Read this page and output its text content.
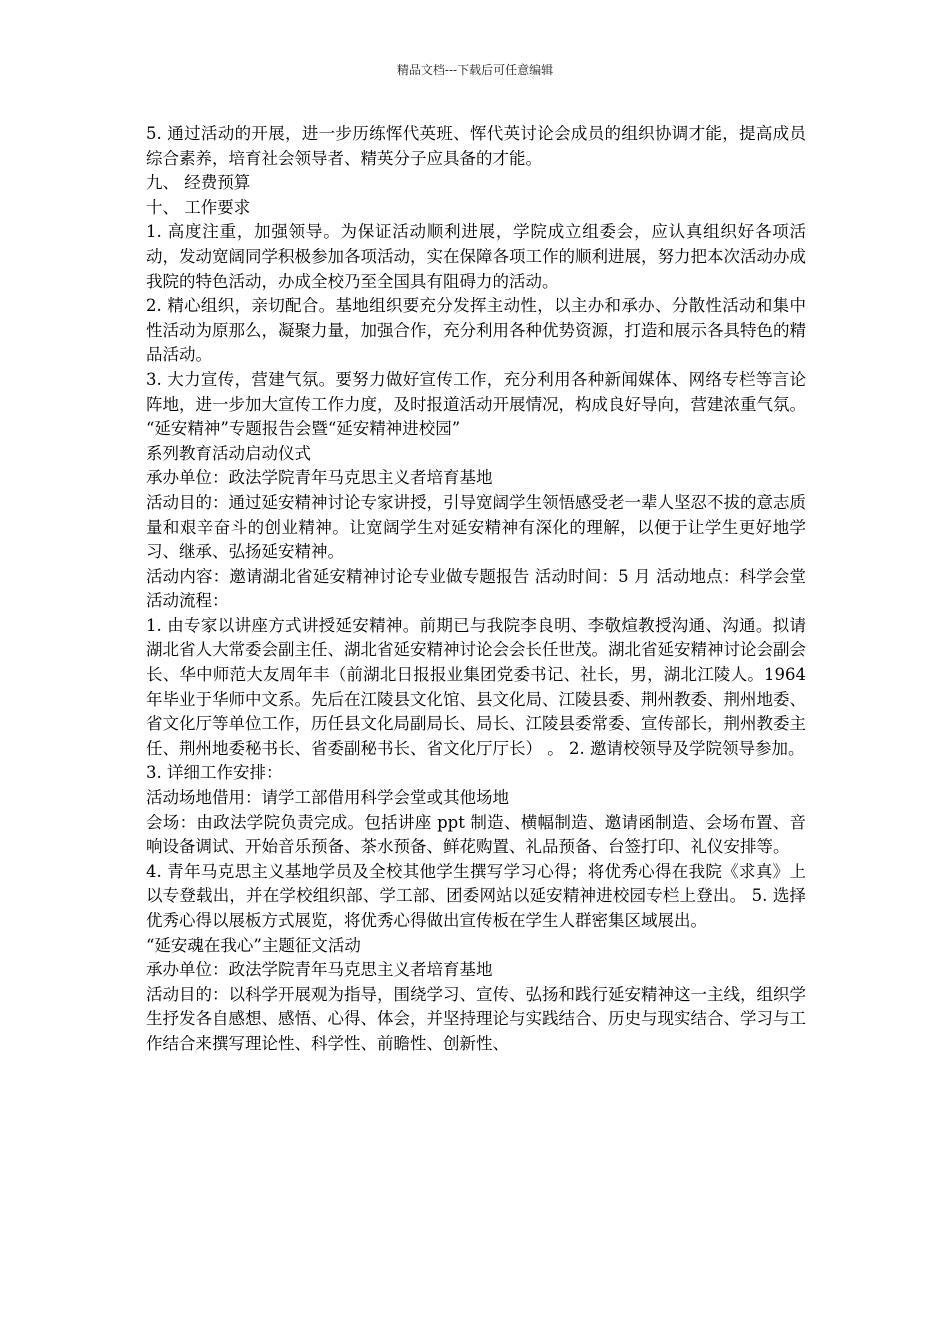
精品文档---下载后可任意编辑

5. 通过活动的开展，进一步历练恽代英班、恽代英讨论会成员的组织协调才能，提高成员综合素养，培育社会领导者、精英分子应具备的才能。

九、 经费预算

十、 工作要求

1. 高度注重，加强领导。为保证活动顺利进展，学院成立组委会，应认真组织好各项活动，发动宽阔同学积极参加各项活动，实在保障各项工作的顺利进展，努力把本次活动办成我院的特色活动，办成全校乃至全国具有阻碍力的活动。

2. 精心组织，亲切配合。基地组织要充分发挥主动性，以主办和承办、分散性活动和集中性活动为原那么，凝聚力量，加强合作，充分利用各种优势资源，打造和展示各具特色的精品活动。

3. 大力宣传，营建气氛。要努力做好宣传工作，充分利用各种新闻媒体、网络专栏等言论阵地，进一步加大宣传工作力度，及时报道活动开展情况，构成良好导向，营建浓重气氛。

“延安精神”专题报告会暨“延安精神进校园”

系列教育活动启动仪式

承办单位：政法学院青年马克思主义者培育基地

活动目的：通过延安精神讨论专家讲授，引导宽阔学生领悟感受老一辈人坚忍不拔的意志质量和艰辛奋斗的创业精神。让宽阔学生对延安精神有深化的理解，以便于让学生更好地学习、继承、弘扬延安精神。

活动内容：邀请湖北省延安精神讨论专业做专题报告 活动时间：5 月 活动地点：科学会堂 活动流程：

1. 由专家以讲座方式讲授延安精神。前期已与我院李良明、李敬煊教授沟通、沟通。拟请湖北省人大常委会副主任、湖北省延安精神讨论会会长任世茂。湖北省延安精神讨论会副会长、华中师范大友周年丰（前湖北日报报业集团党委书记、社长，男，湖北江陵人。1964 年毕业于华师中文系。先后在江陵县文化馆、县文化局、江陵县委、荆州教委、荆州地委、省文化厅等单位工作，历任县文化局副局长、局长、江陵县委常委、宣传部长，荆州教委主任、荆州地委秘书长、省委副秘书长、省文化厅厅长） 。 2. 邀请校领导及学院领导参加。

3. 详细工作安排：

活动场地借用：请学工部借用科学会堂或其他场地

会场：由政法学院负责完成。包括讲座 ppt 制造、横幅制造、邀请函制造、会场布置、音响设备调试、开始音乐预备、茶水预备、鲜花购置、礼品预备、台签打印、礼仪安排等。

4. 青年马克思主义基地学员及全校其他学生撰写学习心得；将优秀心得在我院《求真》上以专登载出，并在学校组织部、学工部、团委网站以延安精神进校园专栏上登出。 5. 选择优秀心得以展板方式展览，将优秀心得做出宣传板在学生人群密集区域展出。

“延安魂在我心”主题征文活动

承办单位：政法学院青年马克思主义者培育基地

活动目的：以科学开展观为指导，围绕学习、宣传、弘扬和践行延安精神这一主线，组织学生抒发各自感想、感悟、心得、体会，并坚持理论与实践结合、历史与现实结合、学习与工作结合来撰写理论性、科学性、前瞻性、创新性、
